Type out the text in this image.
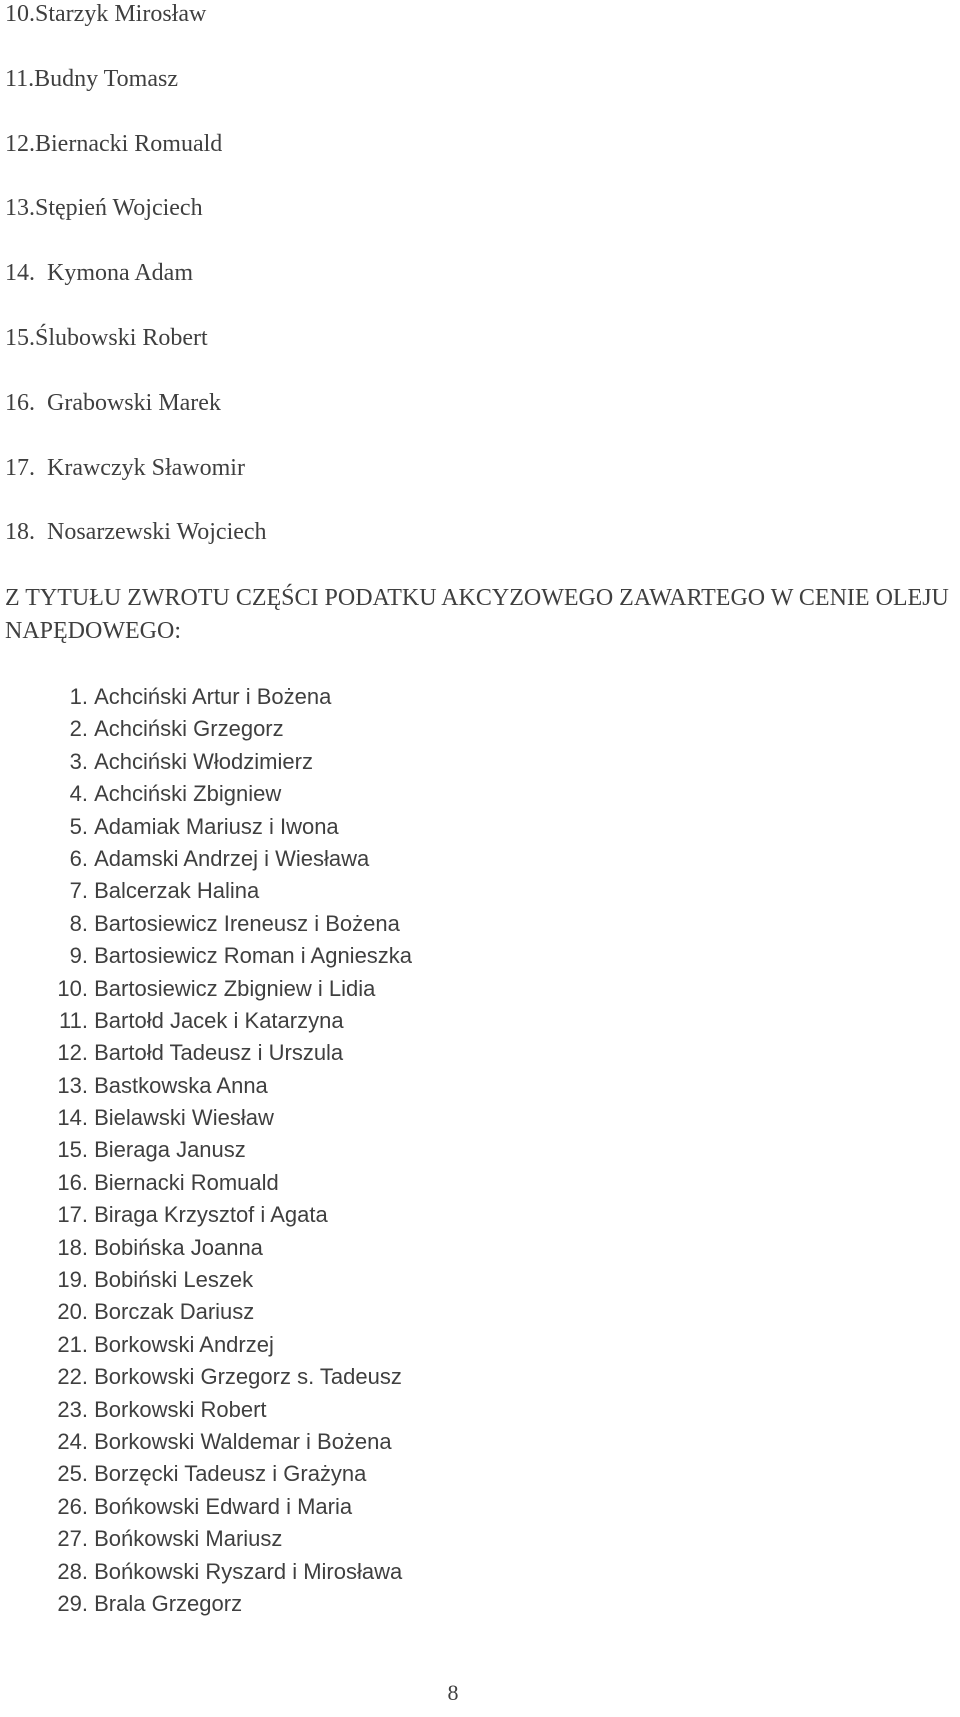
10.Starzyk Mirosław
11.Budny Tomasz
12.Biernacki Romuald
13.Stępień Wojciech
14. Kymona Adam
15.Ślubowski Robert
16. Grabowski Marek
17. Krawczyk Sławomir
18. Nosarzewski Wojciech
Z TYTUŁU ZWROTU CZĘŚCI PODATKU AKCYZOWEGO ZAWARTEGO W CENIE OLEJU NAPĘDOWEGO:
1. Achciński Artur i Bożena
2. Achciński Grzegorz
3. Achciński Włodzimierz
4. Achciński Zbigniew
5. Adamiak Mariusz i Iwona
6. Adamski Andrzej i Wiesława
7. Balcerzak Halina
8. Bartosiewicz Ireneusz i Bożena
9. Bartosiewicz Roman i Agnieszka
10. Bartosiewicz Zbigniew i Lidia
11. Bartołd Jacek i Katarzyna
12. Bartołd Tadeusz i Urszula
13. Bastkowska Anna
14. Bielawski Wiesław
15. Bieraga Janusz
16. Biernacki Romuald
17. Biraga Krzysztof i Agata
18. Bobińska Joanna
19. Bobiński Leszek
20. Borczak Dariusz
21. Borkowski Andrzej
22. Borkowski Grzegorz s. Tadeusz
23. Borkowski Robert
24. Borkowski Waldemar i Bożena
25. Borzęcki Tadeusz i Grażyna
26. Bońkowski Edward i Maria
27. Bońkowski Mariusz
28. Bońkowski Ryszard i Mirosława
29. Brala Grzegorz
8
